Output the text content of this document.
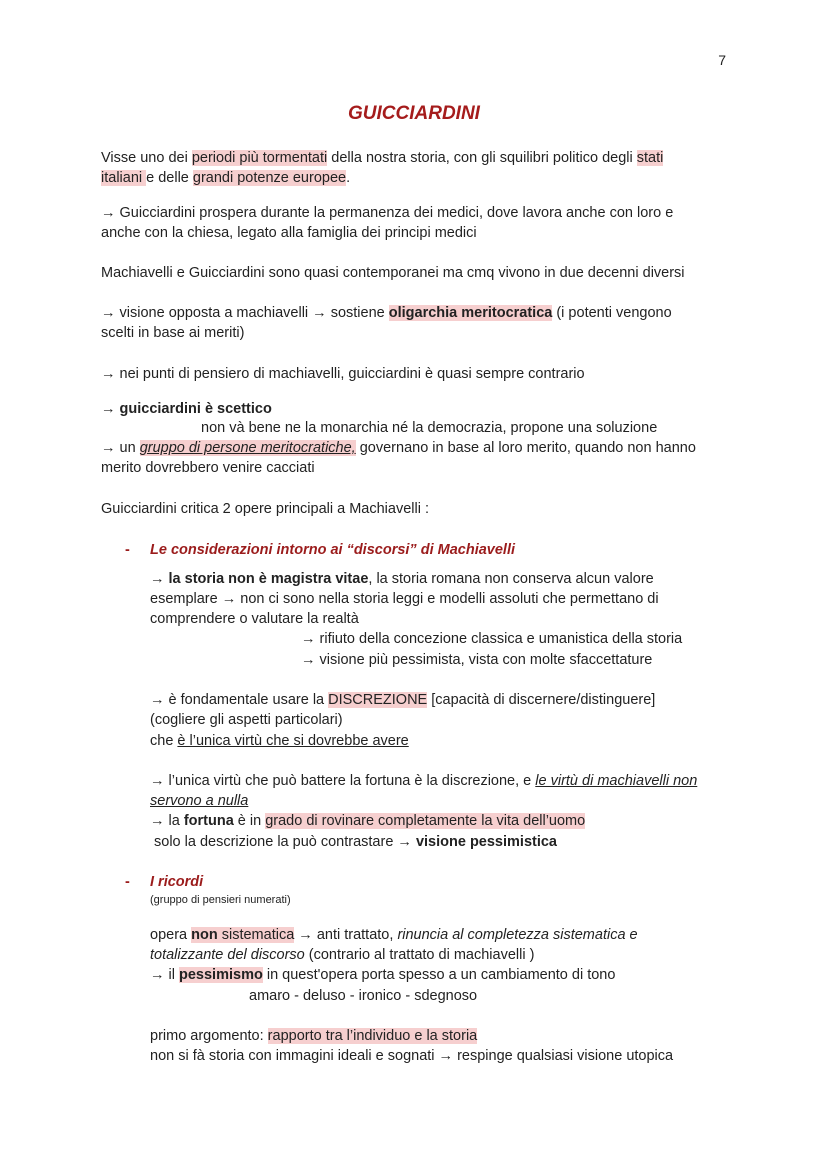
7
GUICCIARDINI
Visse uno dei periodi più tormentati della nostra storia, con gli squilibri politico degli stati
italiani e delle grandi potenze europee.
→ Guicciardini prospera durante la permanenza dei medici, dove lavora anche con loro e
anche con la chiesa, legato alla famiglia dei principi medici
Machiavelli e Guicciardini sono quasi contemporanei ma cmq vivono in due decenni diversi
→ visione opposta a machiavelli → sostiene oligarchia meritocratica (i potenti vengono
scelti in base ai meriti)
→ nei punti di pensiero di machiavelli, guicciardini è quasi sempre contrario
→ guicciardini è scettico
non và bene ne la monarchia né la democrazia, propone una soluzione
→ un gruppo di persone meritocratiche, governano in base al loro merito, quando non hanno
merito dovrebbero venire cacciati
Guicciardini critica 2 opere principali a Machiavelli :
- Le considerazioni intorno ai “discorsi” di Machiavelli
→ la storia non è magistra vitae, la storia romana non conserva alcun valore
esemplare → non ci sono nella storia leggi e modelli assoluti che permettano di
comprendere o valutare la realtà
→ rifiuto della concezione classica e umanistica della storia
→ visione più pessimista, vista con molte sfaccettature
→ è fondamentale usare la DISCREZIONE [capacità di discernere/distinguere]
(cogliere gli aspetti particolari)
che è l’unica virtù che si dovrebbe avere
→ l’unica virtù che può battere la fortuna è la discrezione, e le virtù di machiavelli non
servono a nulla
→ la fortuna è in grado di rovinare completamente la vita dell’uomo
solo la descrizione la può contrastare → visione pessimistica
- I ricordi
(gruppo di pensieri numerati)
opera non sistematica → anti trattato, rinuncia al completezza sistematica e
totalizzante del discorso (contrario al trattato di machiavelli )
→ il pessimismo in quest'opera porta spesso a un cambiamento di tono
amaro - deluso - ironico - sdegnoso
primo argomento: rapporto tra l’individuo e la storia
non si fà storia con immagini ideali e sognati → respinge qualsiasi visione utopica
